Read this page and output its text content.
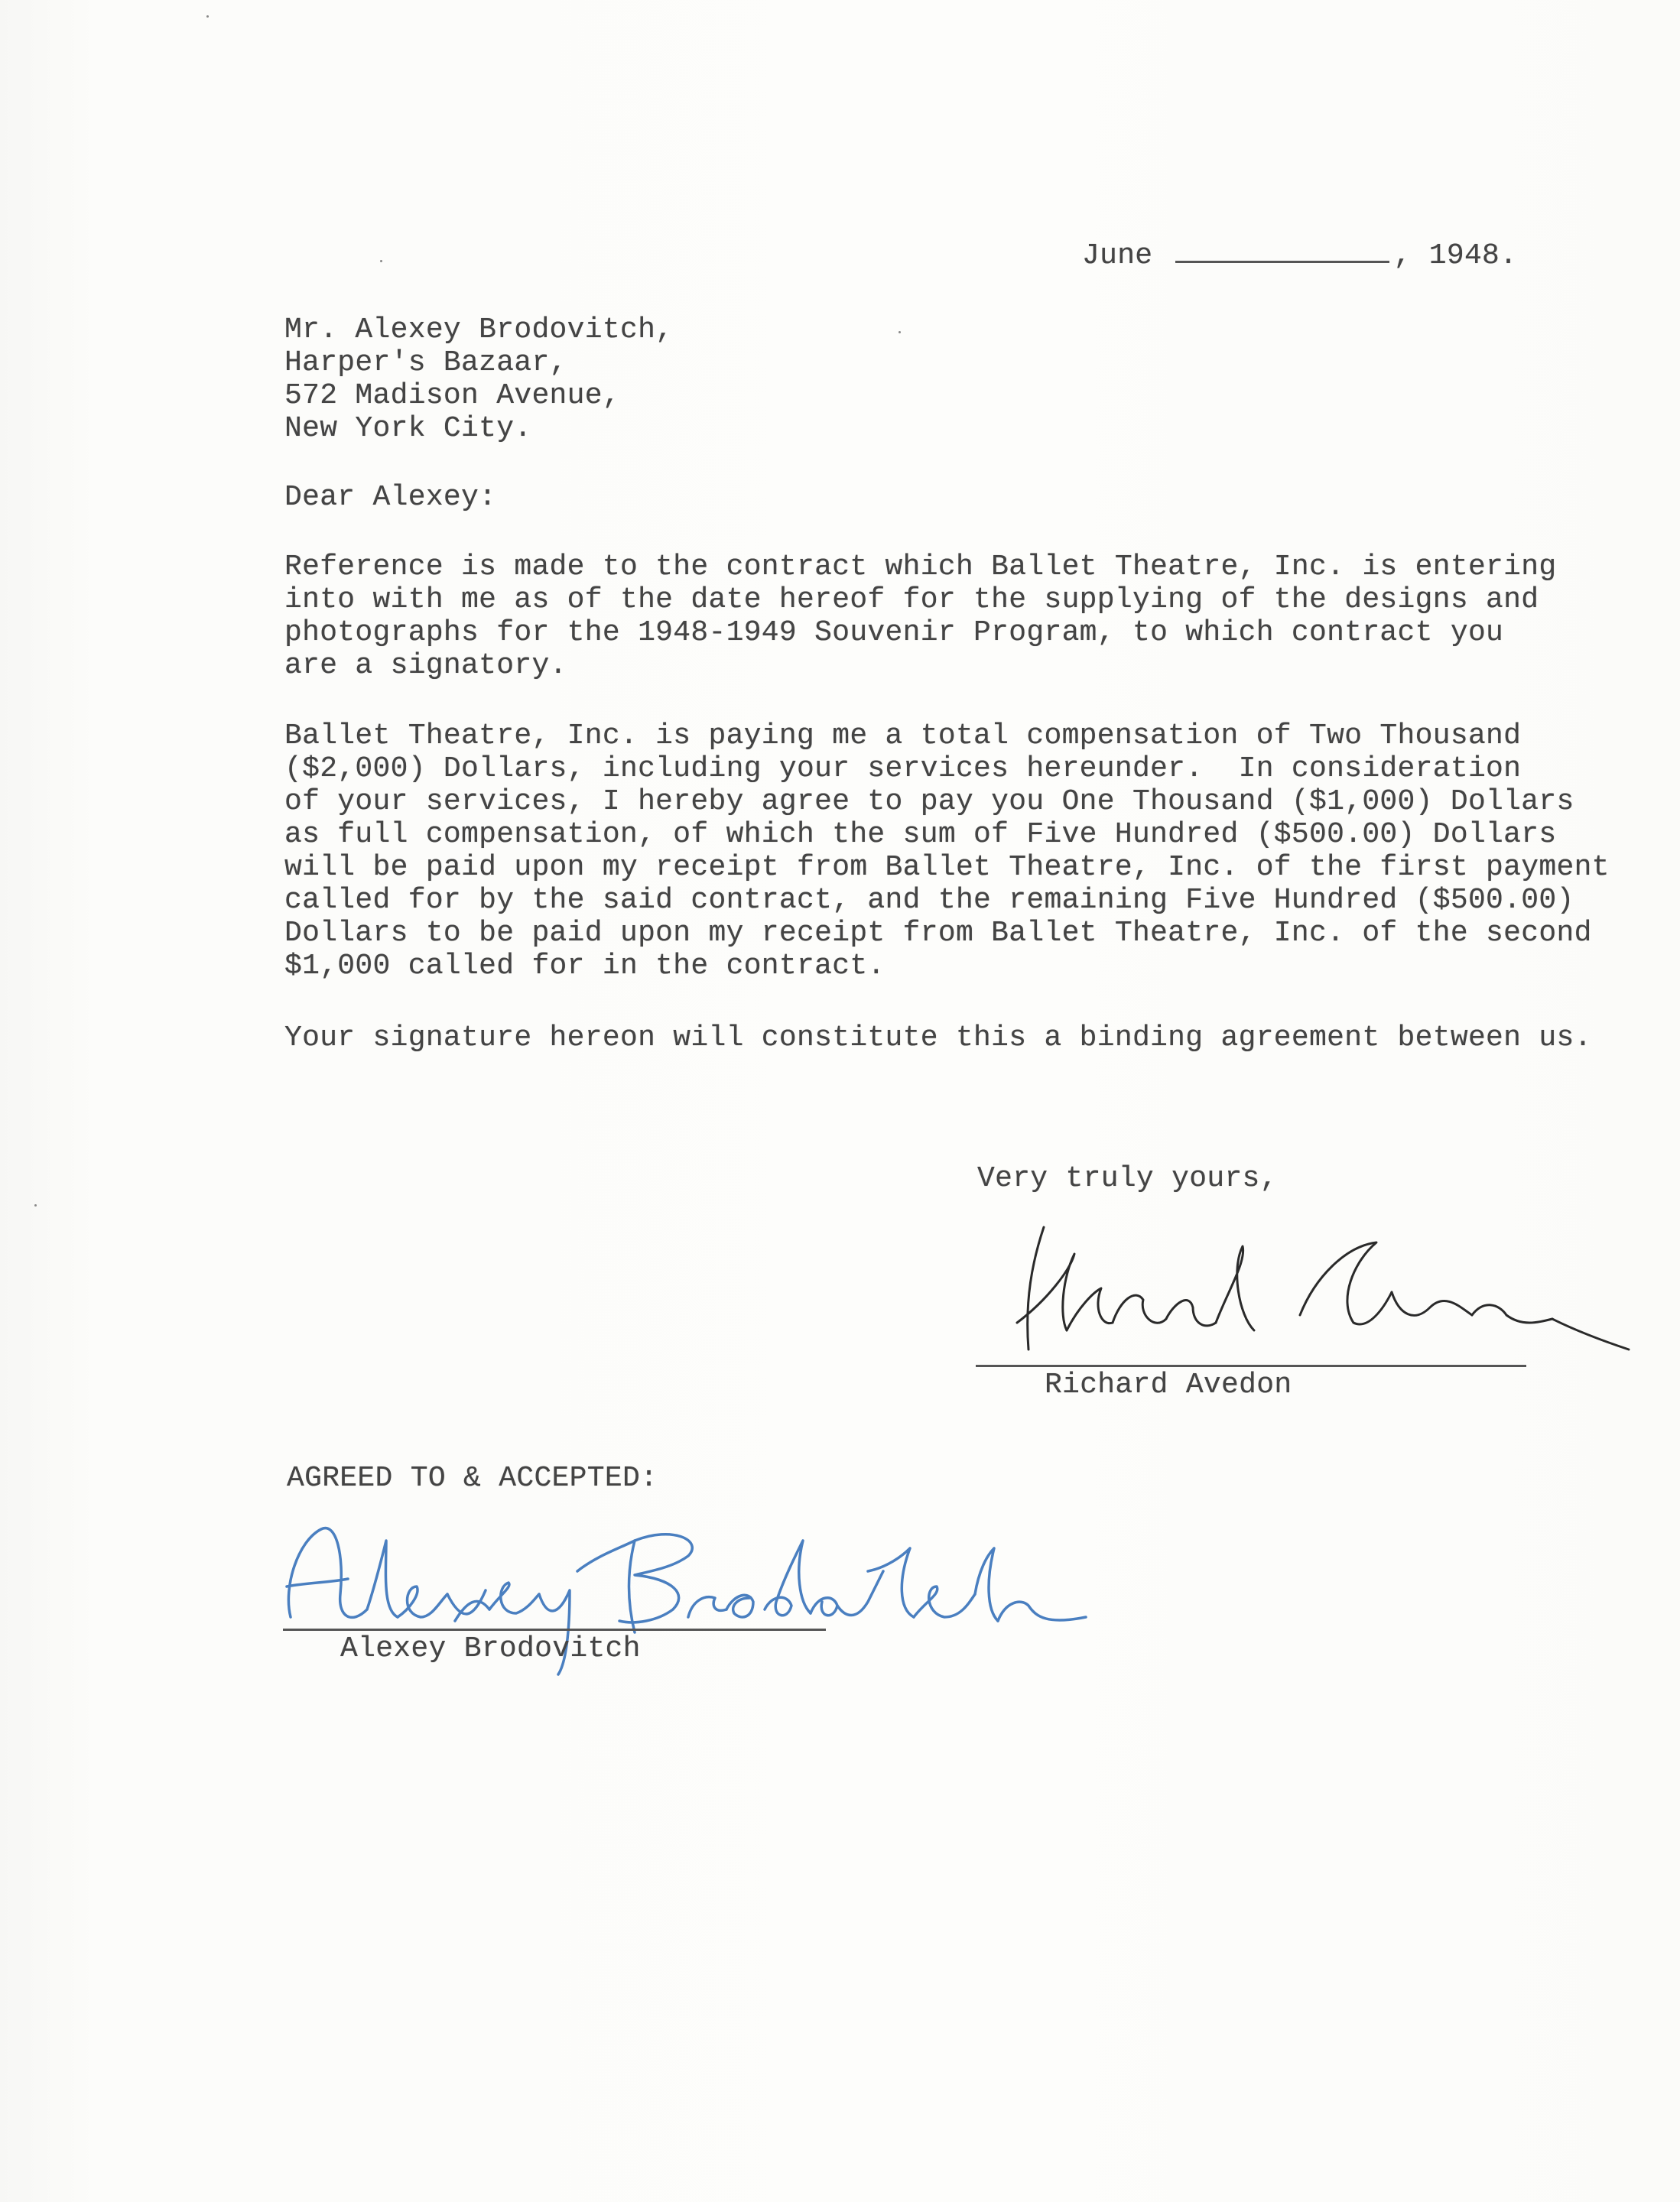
June	, 1948.
Mr. Alexey Brodovitch,
Harper's Bazaar,
572 Madison Avenue,
New York City.
Dear Alexey:
Reference is made to the contract which Ballet Theatre, Inc. is entering
into with me as of the date hereof for the supplying of the designs and
photographs for the 1948-1949 Souvenir Program, to which contract you
are a signatory.
Ballet Theatre, Inc. is paying me a total compensation of Two Thousand
($2,000) Dollars, including your services hereunder.  In consideration
of your services, I hereby agree to pay you One Thousand ($1,000) Dollars
as full compensation, of which the sum of Five Hundred ($500.00) Dollars
will be paid upon my receipt from Ballet Theatre, Inc. of the first payment
called for by the said contract, and the remaining Five Hundred ($500.00)
Dollars to be paid upon my receipt from Ballet Theatre, Inc. of the second
$1,000 called for in the contract.
Your signature hereon will constitute this a binding agreement between us.
Very truly yours,
Richard Avedon
AGREED TO & ACCEPTED:
Alexey Brodovitch
